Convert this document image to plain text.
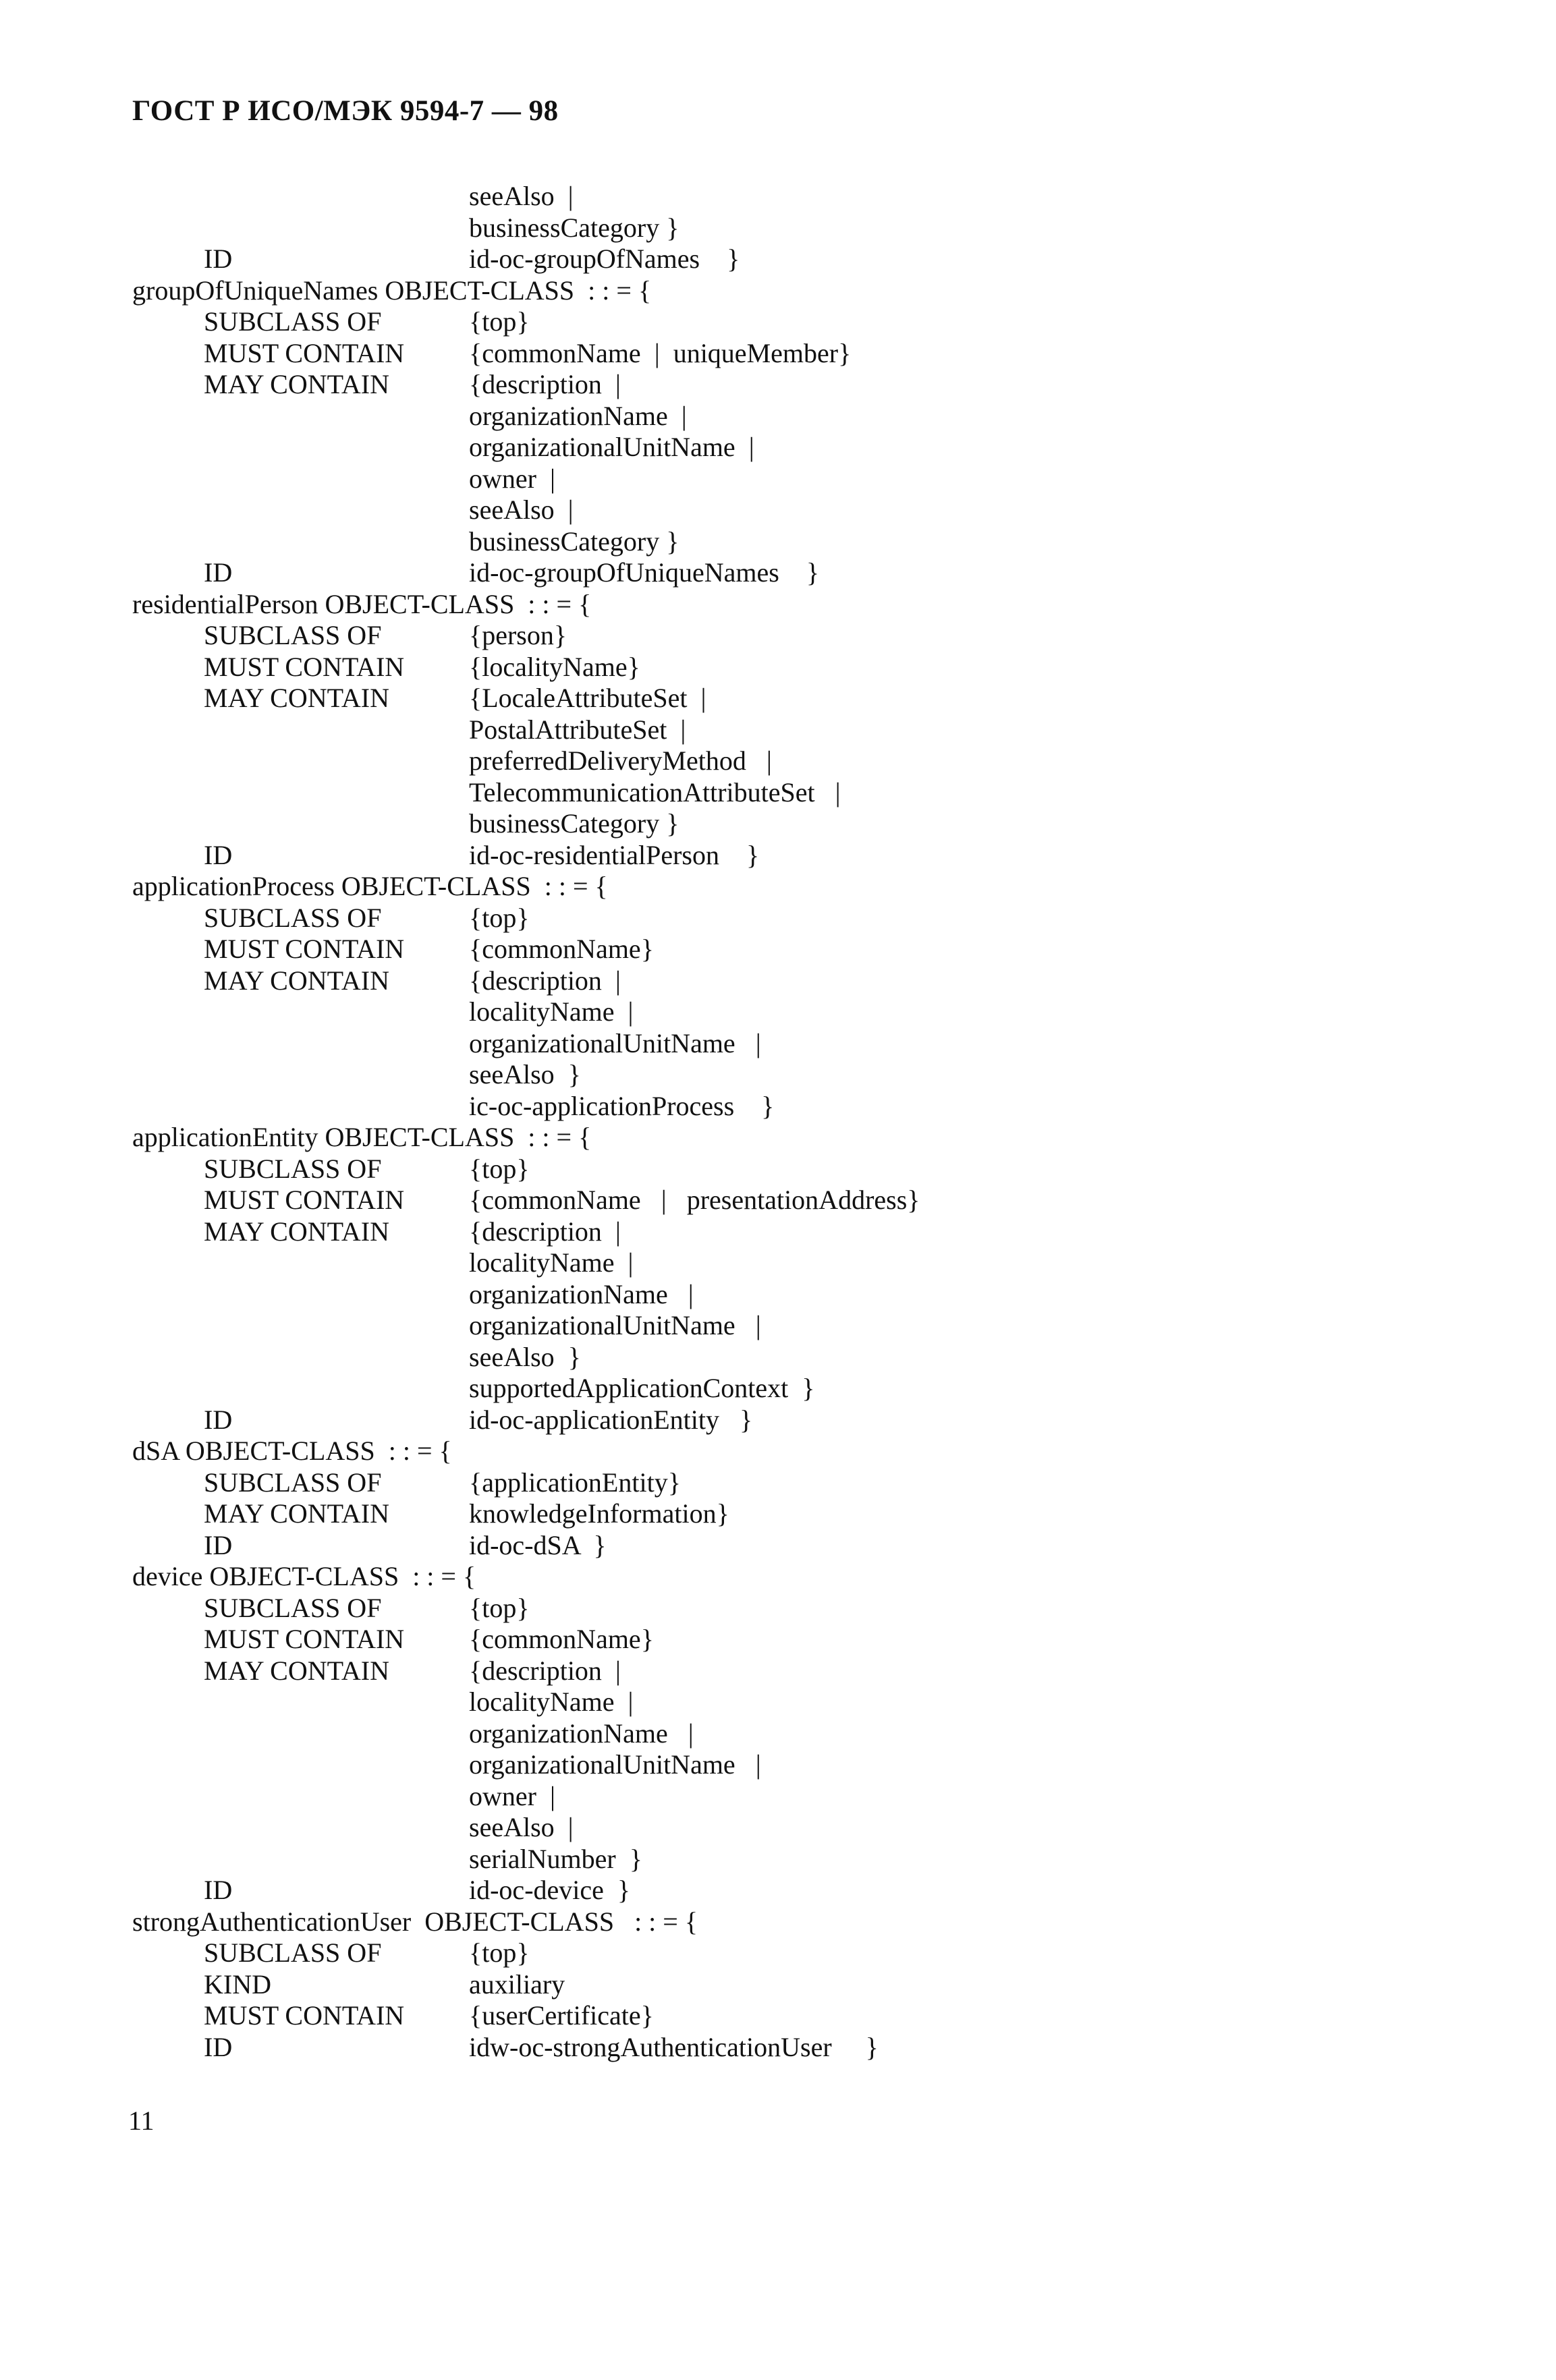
ГОСТ Р ИСО/МЭК 9594-7 — 98
seeAlso  |
businessCategory }
ID	id-oc-groupOfNames    }
groupOfUniqueNames OBJECT-CLASS  : : = {
SUBCLASS OF	{top}
MUST CONTAIN {commonName  |  uniqueMember}
MAY CONTAIN	{description  |
organizationName  |
organizationalUnitName  |
owner  |
seeAlso  |
businessCategory }
ID	id-oc-groupOfUniqueNames    }
residentialPerson OBJECT-CLASS  : : = {
SUBCLASS OF	{person}
MUST CONTAIN {localityName}
MAY CONTAIN	{LocaleAttributeSet  |
PostalAttributeSet  |
preferredDeliveryMethod   |
TelecommunicationAttributeSet   |
businessCategory }
ID	id-oc-residentialPerson    }
applicationProcess OBJECT-CLASS  : : = {
SUBCLASS OF	{top}
MUST CONTAIN {commonName}
MAY CONTAIN	{description  |
localityName  |
organizationalUnitName   |
seeAlso  }
ic-oc-applicationProcess    }
applicationEntity OBJECT-CLASS  : : = {
SUBCLASS OF	{top}
MUST CONTAIN {commonName   |   presentationAddress}
MAY CONTAIN	{description  |
localityName  |
organizationName   |
organizationalUnitName   |
seeAlso  }
supportedApplicationContext  }
ID	id-oc-applicationEntity   }
dSA OBJECT-CLASS  : : = {
SUBCLASS OF	{applicationEntity}
MAY CONTAIN	knowledgeInformation}
ID	id-oc-dSA  }
device OBJECT-CLASS  : : = {
SUBCLASS OF	{top}
MUST CONTAIN {commonName}
MAY CONTAIN	{description  |
localityName  |
organizationName   |
organizationalUnitName   |
owner  |
seeAlso  |
serialNumber  }
ID	id-oc-device  }
strongAuthenticationUser  OBJECT-CLASS   : : = {
SUBCLASS OF	{top}
KIND	auxiliary
MUST CONTAIN {userCertificate}
ID	idw-oc-strongAuthenticationUser     }
11
